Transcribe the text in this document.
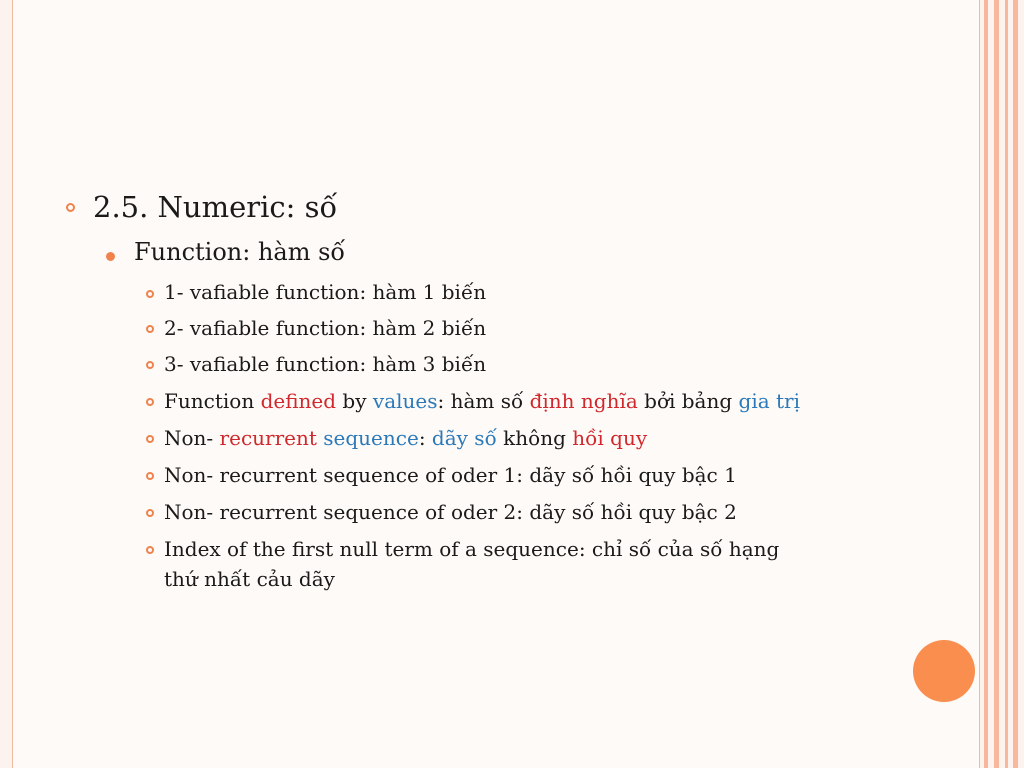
2.5. Numeric: số
Function: hàm số
1- vafiable function: hàm 1 biến
2- vafiable function: hàm 2 biến
3- vafiable function: hàm 3 biến
Function defined by values: hàm số định nghĩa bởi bảng gia trị
Non- recurrent sequence: dãy số không hồi quy
Non- recurrent sequence of oder 1: dãy số hồi quy bậc 1
Non- recurrent sequence of oder 2: dãy số hồi quy bậc 2
Index of the first null term of a sequence: chỉ số của số hạng
thứ nhất cảu dãy
